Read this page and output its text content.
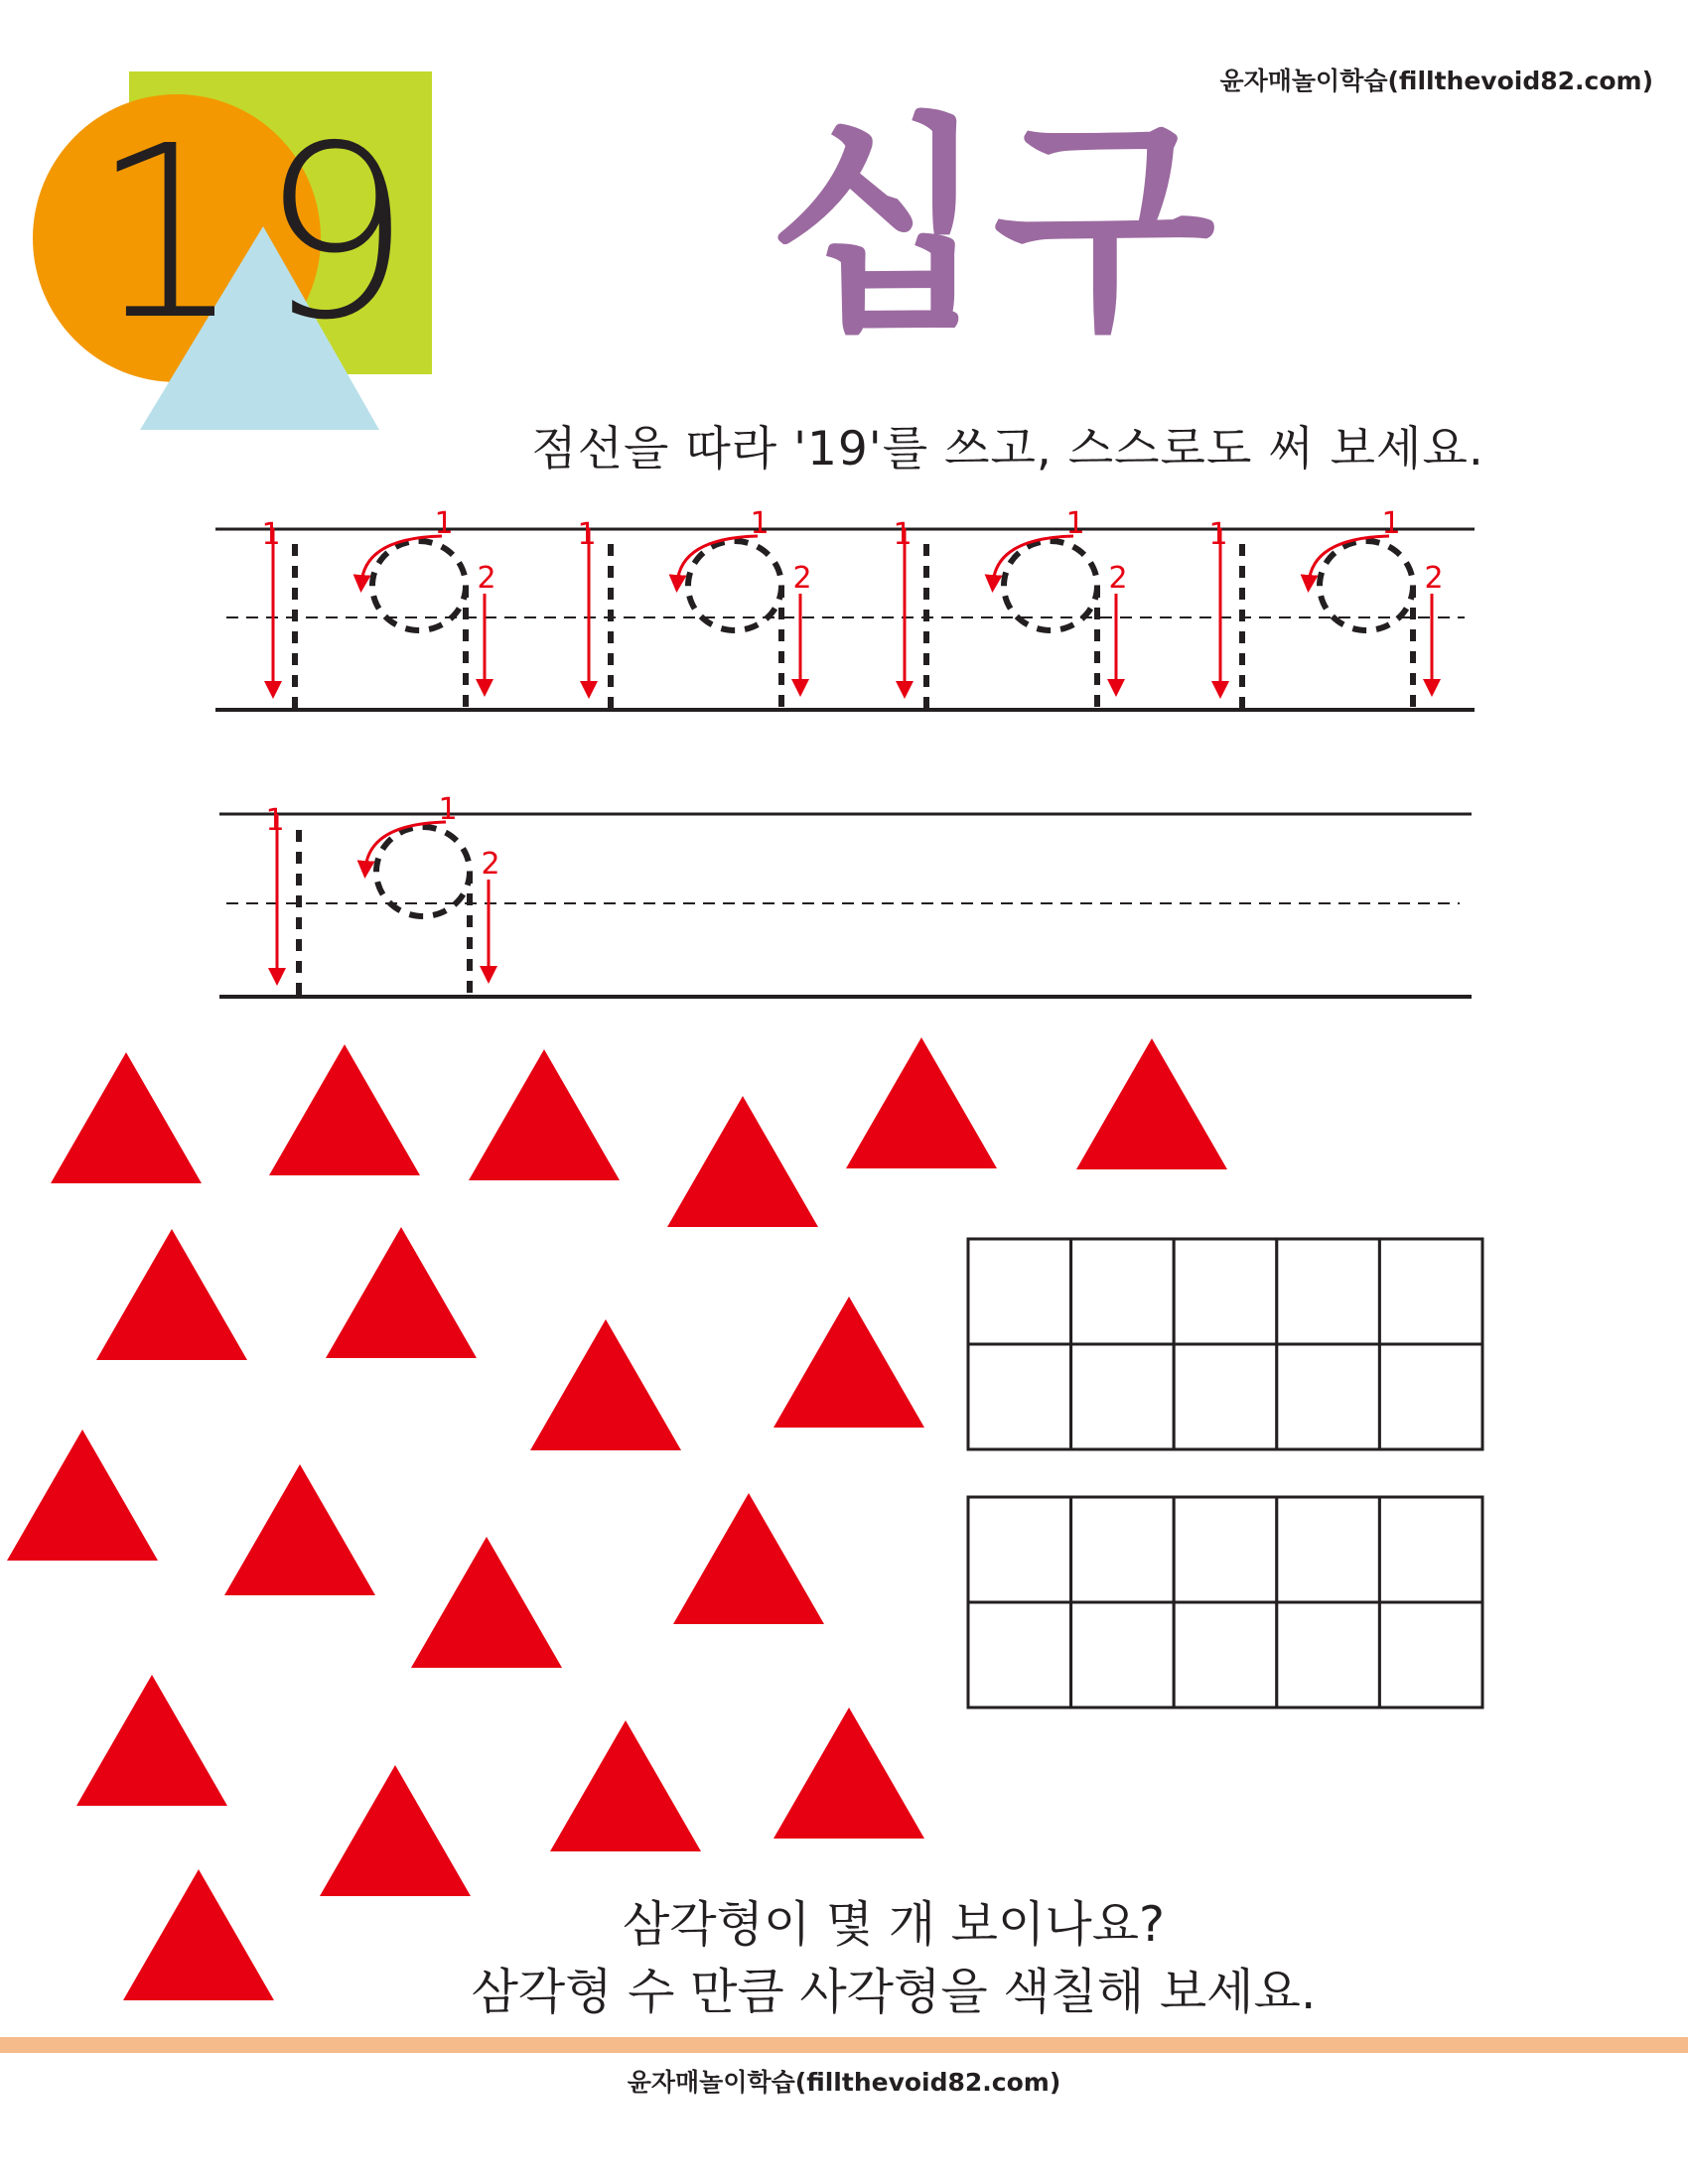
윤자매놀이학습(fillthevoid82.com)
19 십구
점선을 따라 '19'를 쓰고, 스스로도 써 보세요.
1	1
2
1	1
2
1	1
2
1	1
2
1	1
2
삼각형이 몇 개 보이나요?
삼각형 수 만큼 사각형을 색칠해 보세요.
윤자매놀이학습(fillthevoid82.com)
